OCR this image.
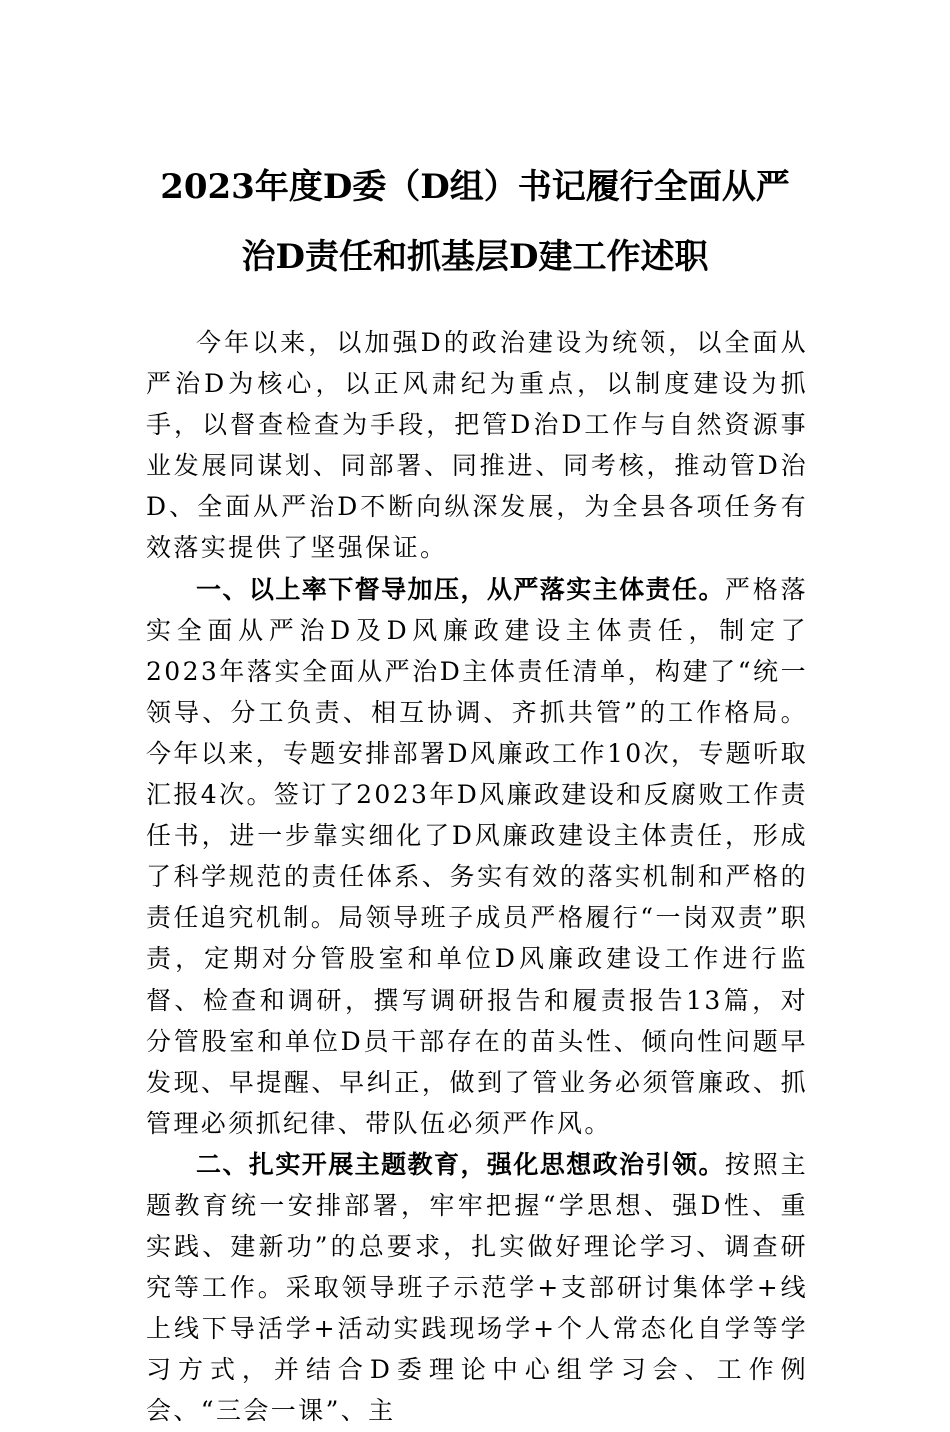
2023年度D委（D组）书记履行全面从严
治D责任和抓基层D建工作述职

今年以来，以加强D的政治建设为统领，以全面从严治D为核心，以正风肃纪为重点，以制度建设为抓手，以督查检查为手段，把管D治D工作与自然资源事业发展同谋划、同部署、同推进、同考核，推动管D治D、全面从严治D不断向纵深发展，为全县各项任务有效落实提供了坚强保证。

一、以上率下督导加压，从严落实主体责任。严格落实全面从严治D及D风廉政建设主体责任，制定了2023年落实全面从严治D主体责任清单，构建了“统一领导、分工负责、相互协调、齐抓共管”的工作格局。今年以来，专题安排部署D风廉政工作10次，专题听取汇报4次。签订了2023年D风廉政建设和反腐败工作责任书，进一步靠实细化了D风廉政建设主体责任，形成了科学规范的责任体系、务实有效的落实机制和严格的责任追究机制。局领导班子成员严格履行“一岗双责”职责，定期对分管股室和单位D风廉政建设工作进行监督、检查和调研，撰写调研报告和履责报告13篇，对分管股室和单位D员干部存在的苗头性、倾向性问题早发现、早提醒、早纠正，做到了管业务必须管廉政、抓管理必须抓纪律、带队伍必须严作风。

二、扎实开展主题教育，强化思想政治引领。按照主题教育统一安排部署，牢牢把握“学思想、强D性、重实践、建新功”的总要求，扎实做好理论学习、调查研究等工作。采取领导班子示范学+支部研讨集体学+线上线下导活学+活动实践现场学+个人常态化自学等学习方式，并结合D委理论中心组学习会、工作例会、“三会一课”、主
